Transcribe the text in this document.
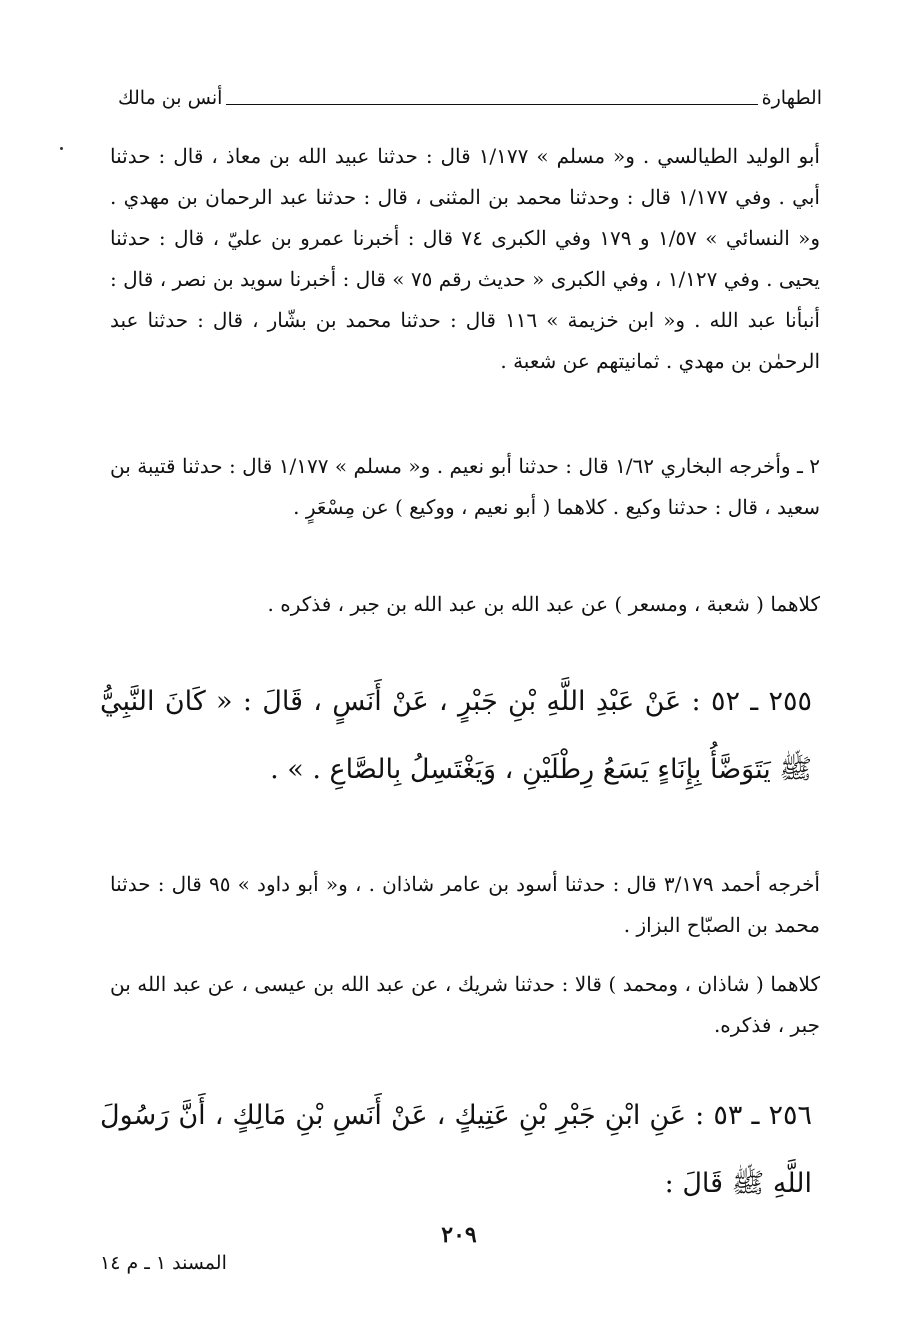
أنس بن مالك	الطهارة
أبو الوليد الطيالسي . و« مسلم » ١/١٧٧ قال : حدثنا عبيد الله بن معاذ ، قال : حدثنا أبي . وفي ١/١٧٧ قال : وحدثنا محمد بن المثنى ، قال : حدثنا عبد الرحمان بن مهدي . و« النسائي » ١/٥٧ و ١٧٩ وفي الكبرى ٧٤ قال : أخبرنا عمرو بن عليّ ، قال : حدثنا يحيى . وفي ١/١٢٧ ، وفي الكبرى « حديث رقم ٧٥ » قال : أخبرنا سويد بن نصر ، قال : أنبأنا عبد الله . و« ابن خزيمة » ١١٦ قال : حدثنا محمد بن بشّار ، قال : حدثنا عبد الرحمٰن بن مهدي . ثمانيتهم عن شعبة .
٢ ـ وأخرجه البخاري ١/٦٢ قال : حدثنا أبو نعيم . و« مسلم » ١/١٧٧ قال : حدثنا قتيبة بن سعيد ، قال : حدثنا وكيع . كلاهما ( أبو نعيم ، ووكيع ) عن مِسْعَرٍ .
كلاهما ( شعبة ، ومسعر ) عن عبد الله بن عبد الله بن جبر ، فذكره .
٢٥٥ ـ ٥٢ : عَنْ عَبْدِ اللَّهِ بْنِ جَبْرٍ ، عَنْ أَنَسٍ ، قَالَ : « كَانَ النَّبِيُّ ﷺ يَتَوَضَّأُ بِإِنَاءٍ يَسَعُ رِطْلَيْنِ ، وَيَغْتَسِلُ بِالصَّاعِ . » .
أخرجه أحمد ٣/١٧٩ قال : حدثنا أسود بن عامر شاذان . ، و« أبو داود » ٩٥ قال : حدثنا محمد بن الصبّاح البزاز .
كلاهما ( شاذان ، ومحمد ) قالا : حدثنا شريك ، عن عبد الله بن عيسى ، عن عبد الله بن جبر ، فذكره.
٢٥٦ ـ ٥٣ : عَنِ ابْنِ جَبْرِ بْنِ عَتِيكٍ ، عَنْ أَنَسِ بْنِ مَالِكٍ ، أَنَّ رَسُولَ اللَّهِ ﷺ قَالَ :
٢٠٩
المسند ١ ـ م ١٤
